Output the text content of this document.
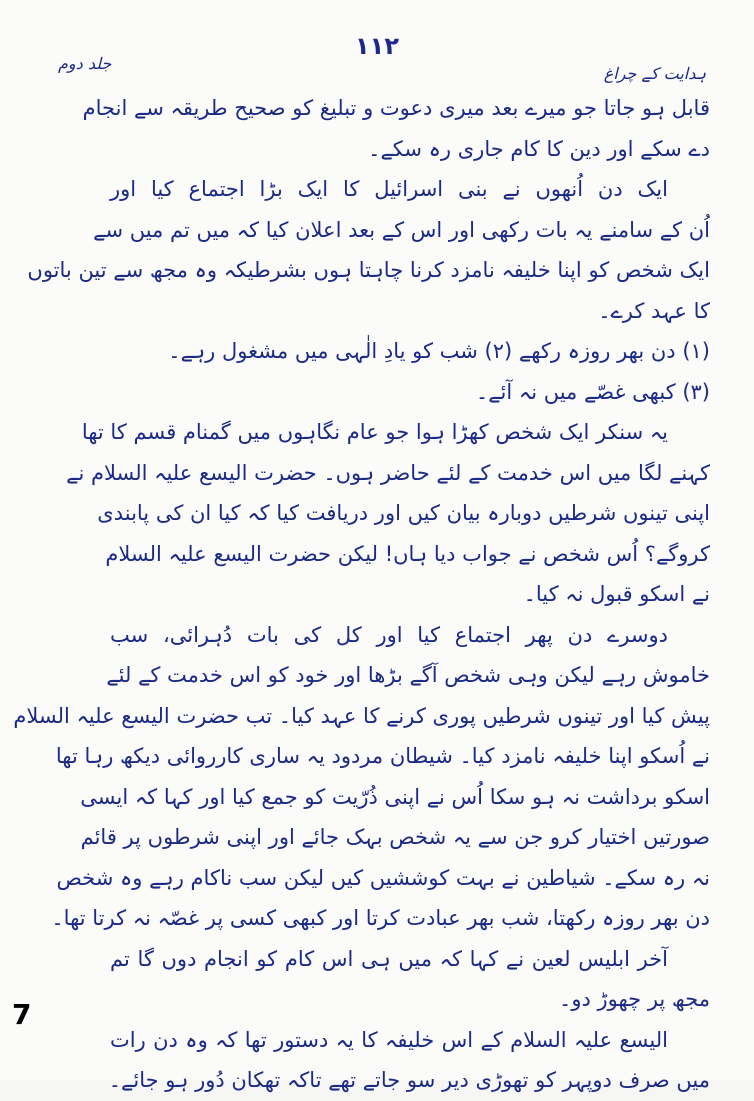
١١٢
جلد دوم
ہدایت کے چراغ
قابل ہو جاتا جو میرے بعد میری دعوت و تبلیغ کو صحیح طریقہ سے انجام
دے سکے اور دین کا کام جاری رہ سکے۔
ایک دن اُنھوں نے بنی اسرائیل کا ایک بڑا اجتماع کیا اور
اُن کے سامنے یہ بات رکھی اور اس کے بعد اعلان کیا کہ میں تم میں سے
ایک شخص کو اپنا خلیفہ نامزد کرنا چاہتا ہوں بشرطیکہ وہ مجھ سے تین باتوں
کا عہد کرے۔
(۱) دن بھر روزہ رکھے (۲) شب کو یادِ الٰہی میں مشغول رہے۔
(۳) کبھی غصّے میں نہ آئے۔
یہ سنکر ایک شخص کھڑا ہوا جو عام نگاہوں میں گمنام قسم کا تھا
کہنے لگا میں اس خدمت کے لئے حاضر ہوں۔ حضرت الیسع علیہ السلام نے
اپنی تینوں شرطیں دوبارہ بیان کیں اور دریافت کیا کہ کیا ان کی پابندی
کروگے؟ اُس شخص نے جواب دیا ہاں! لیکن حضرت الیسع علیہ السلام
نے اسکو قبول نہ کیا۔
دوسرے دن پھر اجتماع کیا اور کل کی بات دُہرائی، سب
خاموش رہے لیکن وہی شخص آگے بڑھا اور خود کو اس خدمت کے لئے
پیش کیا اور تینوں شرطیں پوری کرنے کا عہد کیا۔ تب حضرت الیسع علیہ السلام
نے اُسکو اپنا خلیفہ نامزد کیا۔ شیطان مردود یہ ساری کارروائی دیکھ رہا تھا
اسکو برداشت نہ ہو سکا اُس نے اپنی ذُرّیت کو جمع کیا اور کہا کہ ایسی
صورتیں اختیار کرو جن سے یہ شخص بہک جائے اور اپنی شرطوں پر قائم
نہ رہ سکے۔ شیاطین نے بہت کوششیں کیں لیکن سب ناکام رہے وہ شخص
دن بھر روزہ رکھتا، شب بھر عبادت کرتا اور کبھی کسی پر غصّہ نہ کرتا تھا۔
آخر ابلیس لعین نے کہا کہ میں ہی اس کام کو انجام دوں گا تم
مجھ پر چھوڑ دو۔
الیسع علیہ السلام کے اس خلیفہ کا یہ دستور تھا کہ وہ دن رات
میں صرف دوپہر کو تھوڑی دیر سو جاتے تھے تاکہ تھکان دُور ہو جائے۔
7
